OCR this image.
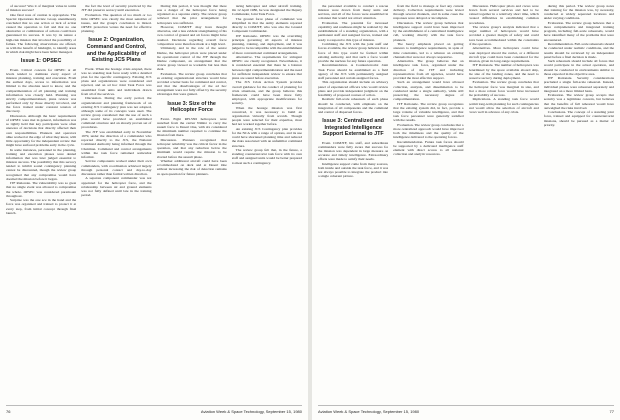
of success? Was it of marginal value in terms of mission success?

One final note of caution is appropriate. The Special Operations Review Group unanimously concluded that no one action or lack of action caused the operation to fail and that no one alternative or combination of actions could have guaranteed its success. It was by its nature a high-risk mission that involved the possibility of failure. The following observations are offered, as with the benefit of hindsight, to identify areas in which risk might have been better managed.

Issue 1: OPSEC

Event. Critical concern for OPSEC at all levels tended to dominate every aspect of mission planning, training and execution. From the earliest days, access to information was limited to the absolute need to know, and the compartmentation of all planning and training information was closely held. Planning was strictly compartmentalized, plans review was performed only by those directly involved, and the force trained under constant tension of discovery.

Discussion. Although the basic requirements of OPSEC were met in general, information was so tightly held that key participants were often unaware of decisions that directly affected their own responsibilities. Planners and operators alike worked at the edge of what they knew, with little opportunity for the independent review that might have surfaced problems early in the cycle.

In some instances, personnel in the planning, training and execution phases were denied information that was later judged essential to mission success. The possibility that this secrecy tended to inhibit sound contingency planning cannot be discounted, though the review group recognized that any compromise would have doomed the mission before it began.

ITF Rationale. The vulnerability was so great that no single event was allowed to compromise the whole. OPSEC was considered paramount throughout.

Surprise was the one ace in the hand and the force was organized and trained to protect it at every step, from initial concept through final launch.

the fact the level of security practiced by the JTF did preserve secrecy until execution.

Evaluation. The question of too much or too little OPSEC was clearly the most sensitive of issues, and the group's conclusion is mixed. OPSEC protection versus the need for effective planning.

Issue 2: Organization, Command and Control, and the Applicability of Existing JCS Plans

Event. When the hostage crisis erupted, there was no standing task force ready with a detailed plan for the specific contingency. Existing JCS plans and organizations were considered and rejected, and an ad hoc Joint Task Force was assembled from units and individuals drawn from all of the services.

Discussion. During the early period, the organizational and planning framework of an existing JCS Contingency plan was not adopted, although some of its concepts were used. The review group considered that the use of such a plan would have provided an established command structure and an already proven set of procedures.

The JTF was established early in November 1979, under the direction of a commander who reported directly to the JCS, the National Command Authority being informed through the Chairman. Command and control arrangements within the task force remained somewhat informal.

Service components worked under their own commanders, with coordination achieved largely through personal contact and day-to-day discussion rather than formal written direction.

A separate component commander was not appointed for the helicopter force, and the relationship between air and ground elements was not fully defined until late in the training period.

During this period, it was thought that there was a danger of the helicopter force being organized as a separate entity. The review group believed that the prior arrangement for helicopters was sufficient.

However, COMJTF may have thought otherwise, and a less evident strengthening of his own control of ground and air forces might have resulted. Decisions regarding overall force composition were therefore made at a high level.

Ultimately, and in the role of the senior Marine, the helicopter pilots were placed under the operational control of the JTF through the Marine component, an arrangement that the review group viewed as workable but less than ideal.

Evaluation. The review group concludes that an existing organizational structure would have provided a better basis for command and control, and that the disadvantages of the ad hoc arrangement were not fully offset by the security advantages that were gained.

Issue 3: Size of the Helicopter Force

Event. Eight RH-53D helicopters were launched from the carrier Nimitz to carry the assault force to Desert One, with six considered the minimum number required to continue the mission from there.

Discussion. Planners recognized that helicopter reliability was the critical factor in the operation, and that any reduction below the minimum would require the mission to be aborted before the assault phase.

Whether additional aircraft could have been accommodated on deck and at Desert One without increasing the risk of detection remains an open question for future planners.

taring helicopter and other aircraft training. On 12 April 1980, he was designated the Deputy Commander, Joint Task Force.

The ground force phase of command was simplified in that the Army elements reported directly to COMJTF, who was also the Ground Component Commander.

ITF Rationale. OPSEC was the overriding principle governing all aspects of mission planning, training, and deployment, and it was judged to be incompatible with the establishment of more conventional command arrangements.

Alternative. The requirements for stringent OPSEC are clearly recognized. Nevertheless, it is considered essential that there be a balance between rigid compartmentalization and the need for sufficient independent review to ensure that plans are sound before execution.

The JCS Crisis Action System provides overall guidance for the conduct of planning for crisis situations, and the group believes this framework could have been more fully employed, with appropriate modifications for security.

When the hostage mission was first conceived, it was necessary to build an organization virtually from scratch. Though people were selected for their expertise, most had not worked together before.

An existing JCS Contingency plan provides for the NCA with a range of options, and its use could have shortened planning time and reduced the risks associated with an unfamiliar command structure.

The review group felt that, in the future, a standing counterterrorist task force with its own staff and assigned units would be better prepared to meet such a contingency.

76	Aviation Week & Space Technology, September 15, 1980

the personnel available to conduct a rescue mission were drawn from many units and services, and all of the forces were assembled in a manner that would not attract attention.

Evaluation. The potential for increased capability and readiness might be realized by the establishment of a standing organization, with a permanent staff and assigned forces, trained and ready to respond to this type of mission.

Combining the JCS with the joint staff and forces available, the review group believes that a force of this type could be formed within existing authority, and that such a force would provide the nucleus for any future operation.

Recommendation. A Counterterrorist Joint Task Force should be established as a field agency of the JCS with permanently assigned staff personnel and certain assigned forces.

This organization should include an advisory panel of experienced officers who would review plans and provide independent judgment on the feasibility of proposed courses of action.

Realistic full-scale rehearsals of each phase should be conducted, with emphasis on the integration of all components and the command and control of dispersed forces.

Issue 3: Centralized and Integrated Intelligence Support External to JTF

Event. COMJTF, his staff, and subordinate commanders were fully aware that success for the mission was dependent in large measure on accurate and timely intelligence. Extraordinary efforts were made to satisfy their needs.

Intelligence support came from many sources, both inside and outside the task force, and it was not always possible to integrate the product into a single coherent picture.

from the field to manage or fuel any current delivery. Collection requirements were levied through several channels, and in some cases the responses were delayed or incomplete.

Discussion. The review group believes that intelligence support could have been improved by the establishment of a centralized intelligence cell, working directly with the task force planners.

The heavy emphasis placed on getting answers to intelligence requirements, in spite of time constraints, led to a reliance on existing channels that were not always responsive.

Alternative. The group believes that an intelligence task force, organized under the direction of the JTF and including representatives from all agencies, would have provided the most effective support.

Such an arrangement would have allowed collection, analysis, and dissemination to be conducted under a single authority, while still preserving the necessary degree of compartmentation.

ITF Rationale. The review group recognizes that the existing system did, in fact, provide a large volume of valuable intelligence, and that task force personnel were generally satisfied with the results.

Evaluation. The review group concludes that a more centralized approach would have improved both the timeliness and the quality of the intelligence delivered to the operating forces.

Recommendation. Future task forces should be supported by a dedicated intelligence staff element with direct access to all national collection and analytic resources.

Discussion. Helicopter pilots and crews were drawn from several services and had to be trained together in a relatively short time, which created difficulties in establishing common procedures.

The review group's analysis indicated that a larger number of helicopters would have provided a greater margin of safety and could have been accommodated within the constraints of the operation.

Alternatives. More helicopters could have been deployed aboard the carrier, or a different aircraft type could have been considered for the mission, given its long-range requirements.

ITF Rationale. The number of helicopters was determined by the space available aboard ship, the size of the landing zones, and the need to preserve secrecy during deployment.

Evaluation. The review group concludes that the helicopter force was marginal in size, and that a more robust force would have increased the probability of success.

Implications. A standing task force would permit long-term planning for such contingencies and would allow the selection of aircraft and crews well in advance of any crisis.

during this period. The review group notes that training for the mission was, by necessity, conducted at widely separated locations and under varying conditions.

Evaluation. The review group believes that a more comprehensive and integrated training program, including full-scale rehearsals, would have identified many of the problems that were encountered.

Recommendation. Full-scale rehearsals should be conducted under realistic conditions, and the results should be reviewed by an independent panel before a final decision is made.

Such rehearsals should include all forces that would participate in the actual operation, and should be conducted in environments similar to those expected in the objective area.

ITF Rationale. Security considerations precluded a single full-scale rehearsal. Instead, individual phases were rehearsed separately and integrated on a more limited basis.

Evaluation. The review group accepts that security was a legitimate concern, but believes that the benefits of full rehearsal would have outweighed the risks involved.

Conclusions. The concept of a standing joint force, trained and equipped for counterterrorist missions, should be pursued as a matter of priority.

Aviation Week & Space Technology, September 15, 1980	77
